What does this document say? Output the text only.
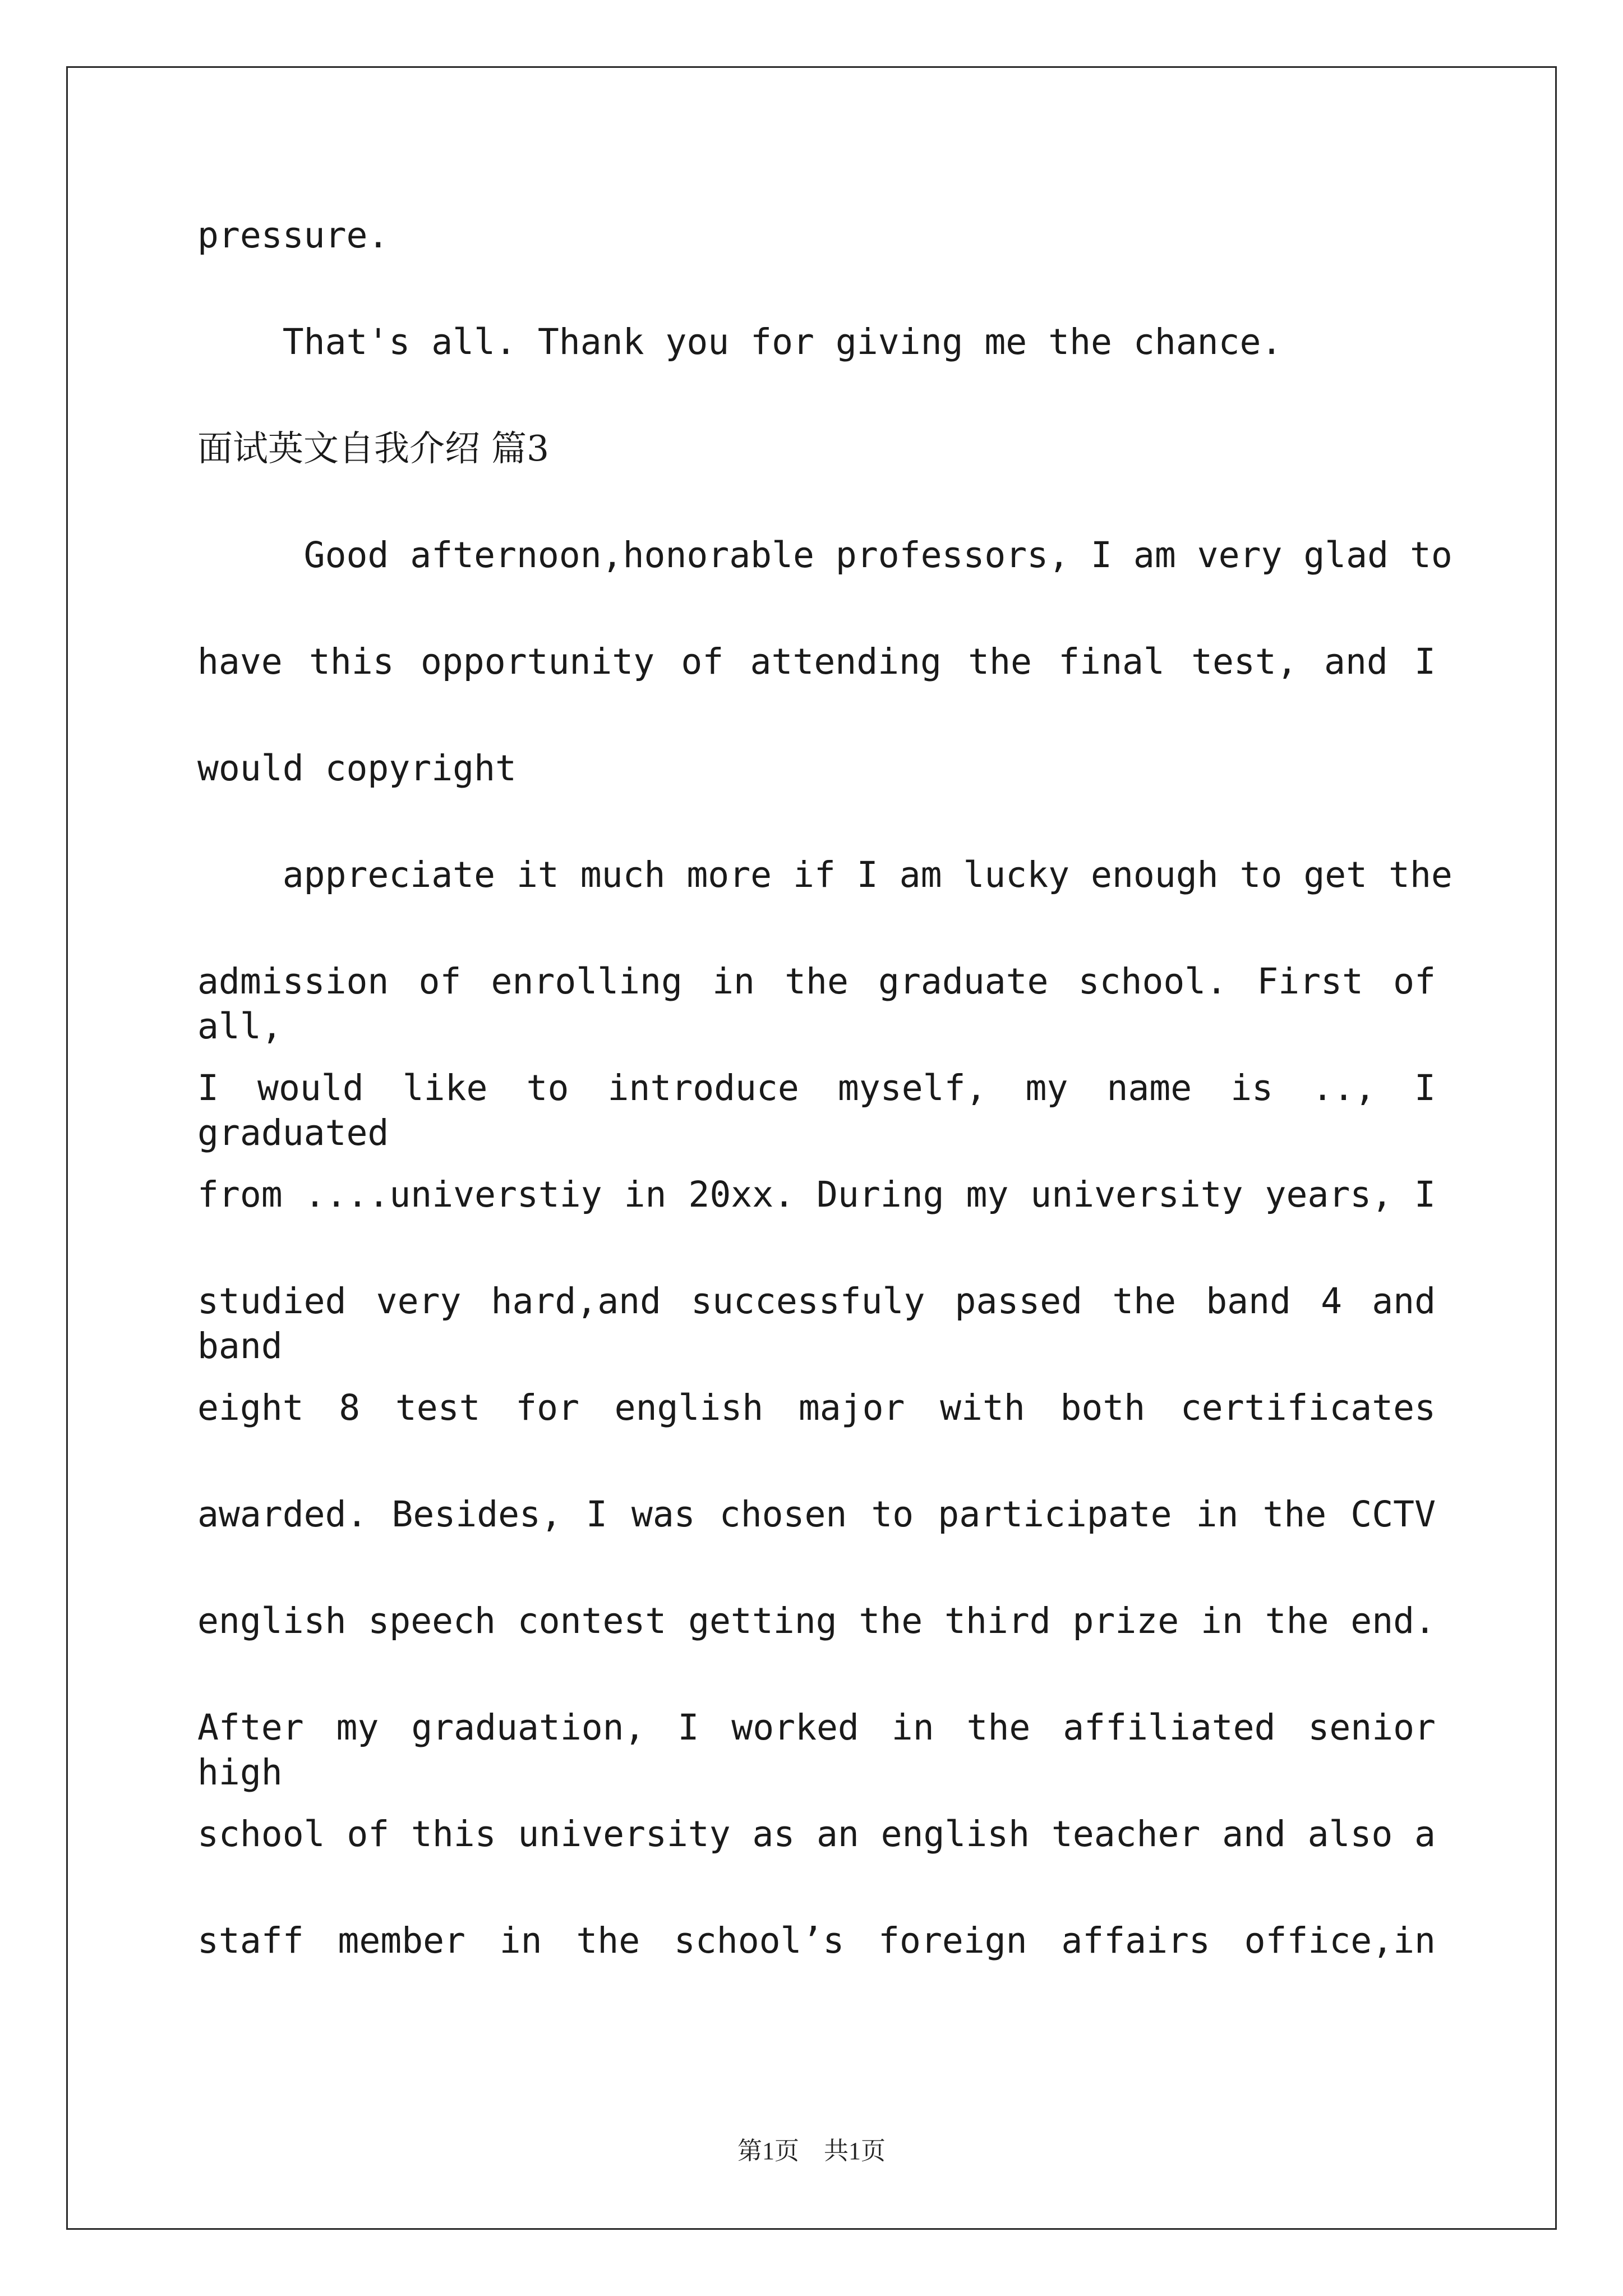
pressure.
That's all. Thank you for giving me the chance.
面试英文自我介绍 篇3
Good afternoon,honorable professors, I am very glad to
have this opportunity of attending the final test, and I
would copyright
appreciate it much more if I am lucky enough to get the
admission of enrolling in the graduate school. First of all,
I would like to introduce myself, my name is .., I graduated
from ....universtiy in 20xx. During my university years, I
studied very hard,and successfuly passed the band 4 and band
eight 8 test for english major with both certificates
awarded. Besides, I was chosen to participate in the CCTV
english speech contest getting the third prize in the end.
After my graduation, I worked in the affiliated senior high
school of this university as an english teacher and also a
staff member in the school’s foreign affairs office,in
第1页　共1页
